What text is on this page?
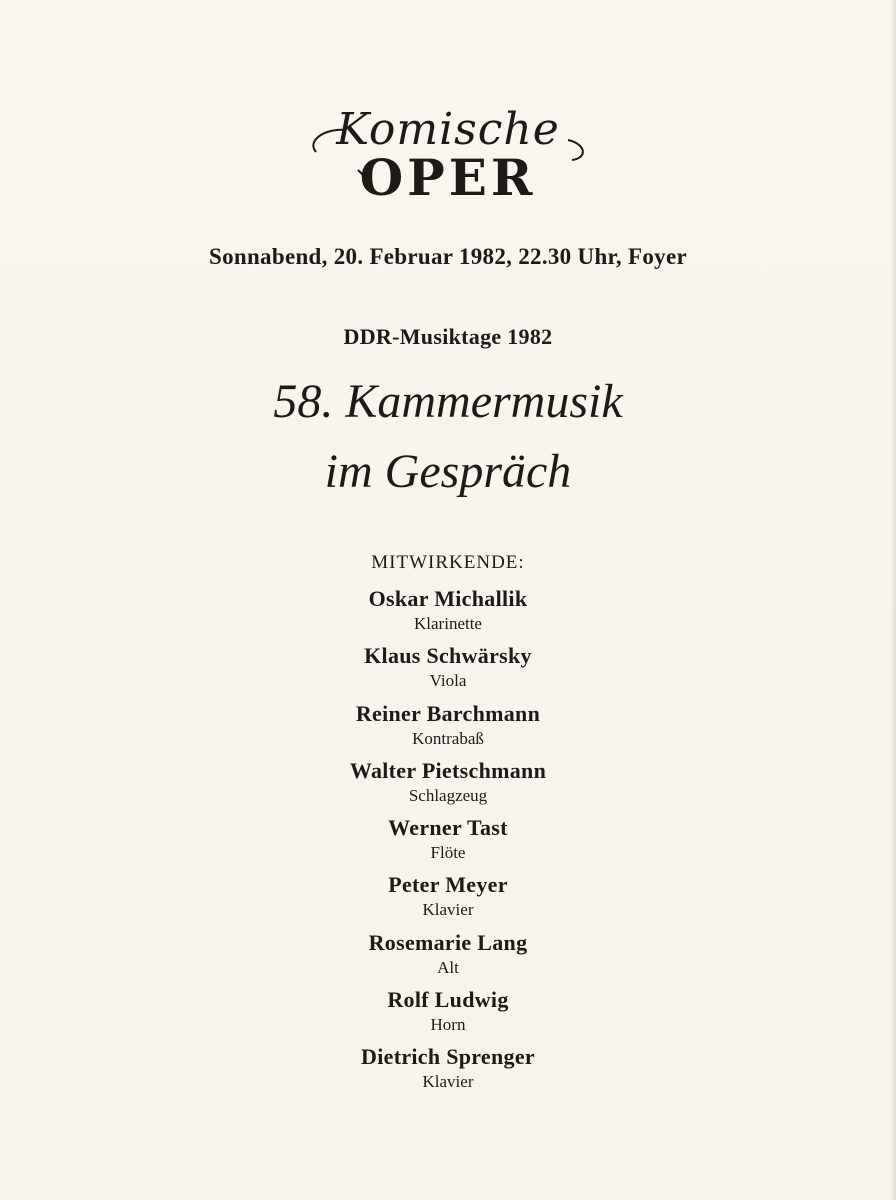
Komische
OPER
Sonnabend, 20. Februar 1982, 22.30 Uhr, Foyer
DDR-Musiktage 1982
58. Kammermusik
im Gespräch
MITWIRKENDE:
Oskar Michallik
Klarinette
Klaus Schwärsky
Viola
Reiner Barchmann
Kontrabaß
Walter Pietschmann
Schlagzeug
Werner Tast
Flöte
Peter Meyer
Klavier
Rosemarie Lang
Alt
Rolf Ludwig
Horn
Dietrich Sprenger
Klavier
